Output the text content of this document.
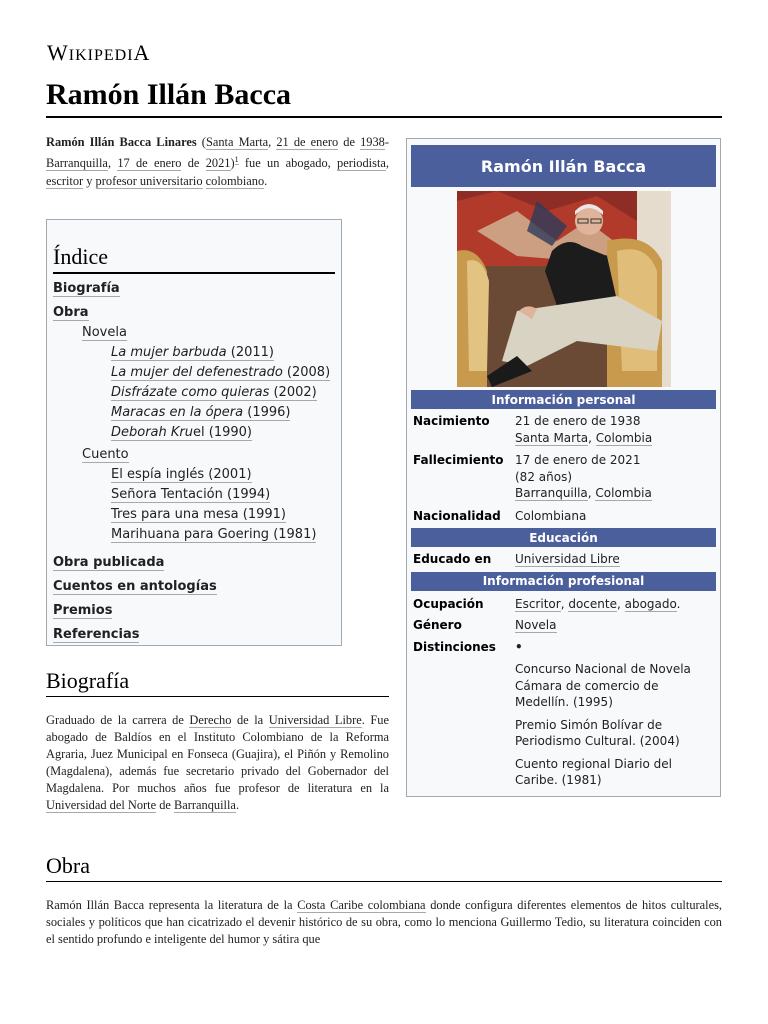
WIKIPEDIA
Ramón Illán Bacca
Ramón Illán Bacca Linares (Santa Marta, 21 de enero de 1938-Barranquilla, 17 de enero de 2021)$^1$ fue un abogado, periodista, escritor y profesor universitario colombiano.
Índice
Biografía
Obra
Novela
La mujer barbuda (2011)
La mujer del defenestrado (2008)
Disfrázate como quieras (2002)
Maracas en la ópera (1996)
Deborah Kruel (1990)
Cuento
El espía inglés (2001)
Señora Tentación (1994)
Tres para una mesa (1991)
Marihuana para Goering (1981)
Obra publicada
Cuentos en antologías
Premios
Referencias
Biografía
Graduado de la carrera de Derecho de la Universidad Libre. Fue abogado de Baldíos en el Instituto Colombiano de la Reforma Agraria, Juez Municipal en Fonseca (Guajira), el Piñón y Remolino (Magdalena), además fue secretario privado del Gobernador del Magdalena. Por muchos años fue profesor de literatura en la Universidad del Norte de Barranquilla.
Obra
Ramón Illán Bacca representa la literatura de la Costa Caribe colombiana donde configura diferentes elementos de hitos culturales, sociales y políticos que han cicatrizado el devenir histórico de su obra, como lo menciona Guillermo Tedio, su literatura coinciden con el sentido profundo e inteligente del humor y sátira que
Ramón Illán Bacca
Información personal
Nacimiento	21 de enero de 1938
Santa Marta, Colombia
Fallecimiento 17 de enero de 2021
(82 años)
Barranquilla, Colombia
Nacionalidad	Colombiana
Educación
Educado en	Universidad Libre
Información profesional
Ocupación	Escritor, docente, abogado.
Género	Novela
Distinciones	•
Concurso Nacional de Novela Cámara de comercio de Medellín. (1995)
Premio Simón Bolívar de Periodismo Cultural. (2004)
Cuento regional Diario del Caribe. (1981)
